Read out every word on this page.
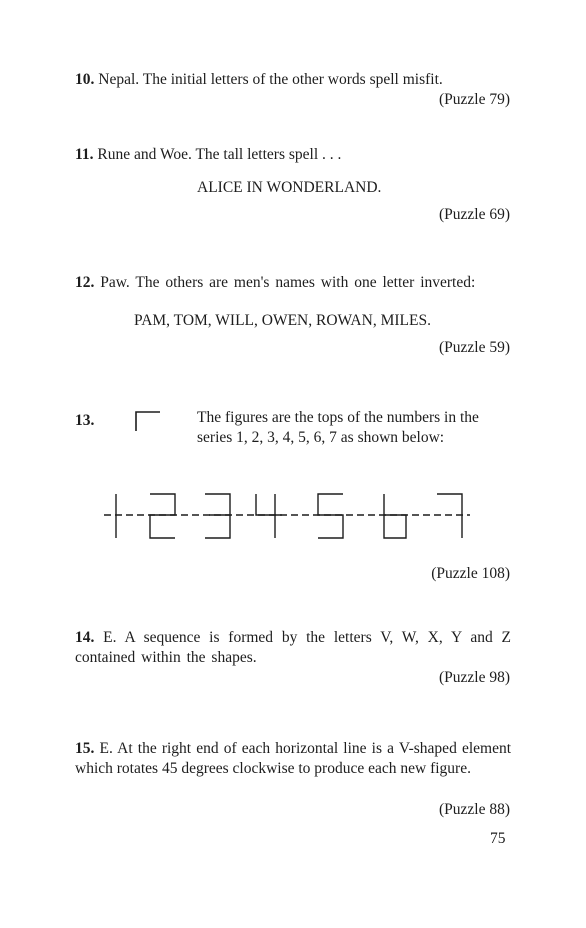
10. Nepal. The initial letters of the other words spell misfit.
(Puzzle 79)
11. Rune and Woe. The tall letters spell . . .
ALICE IN WONDERLAND.
(Puzzle 69)
12. Paw. The others are men's names with one letter inverted:
PAM, TOM, WILL, OWEN, ROWAN, MILES.
(Puzzle 59)
13.	The figures are the tops of the numbers in the
series 1, 2, 3, 4, 5, 6, 7 as shown below:
(Puzzle 108)
14. E. A sequence is formed by the letters V, W, X, Y and Z contained within the shapes.
(Puzzle 98)
15. E. At the right end of each horizontal line is a V-shaped element which rotates 45 degrees clockwise to produce each new figure.
(Puzzle 88)
75
